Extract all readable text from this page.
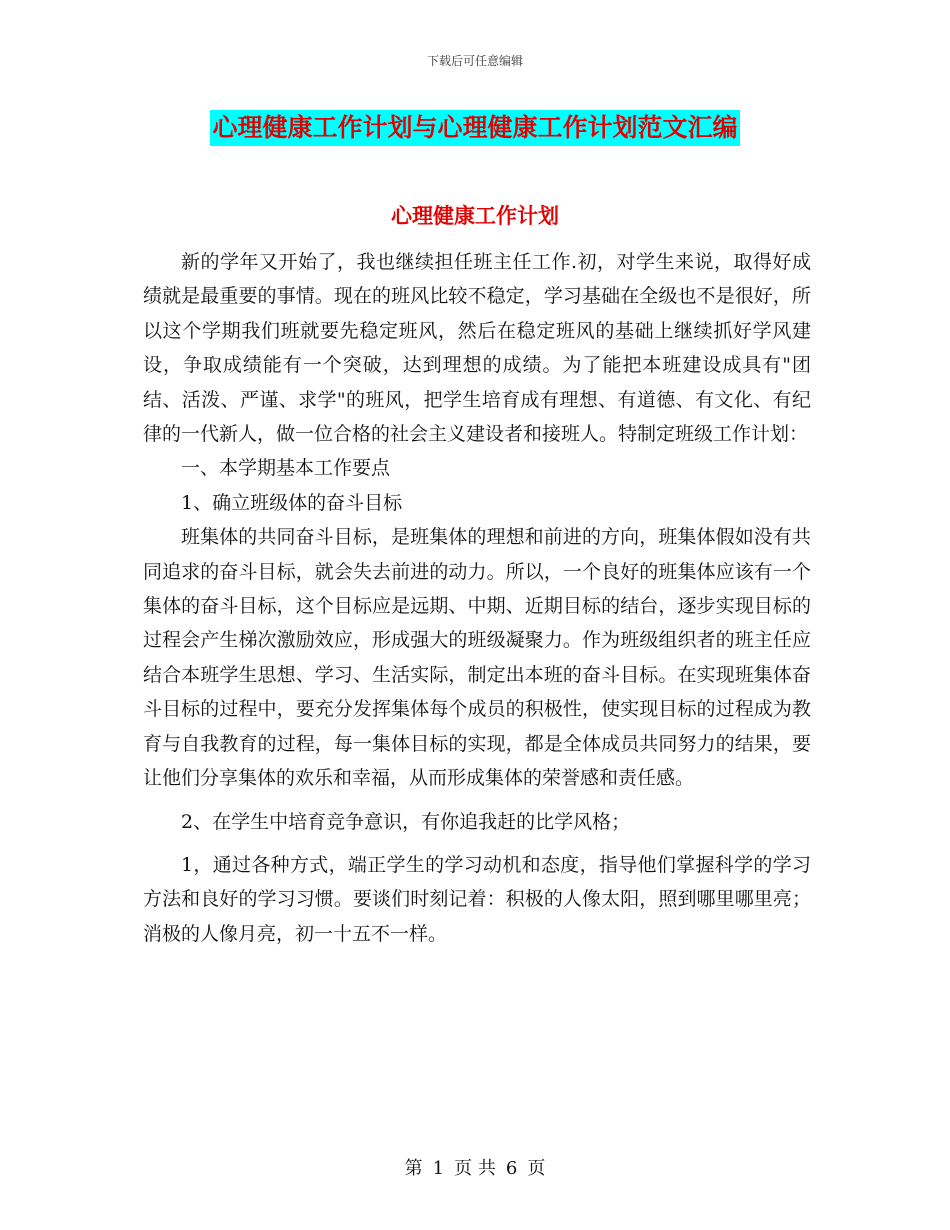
下载后可任意编辑
心理健康工作计划与心理健康工作计划范文汇编
心理健康工作计划

新的学年又开始了，我也继续担任班主任工作.初，对学生来说，取得好成绩就是最重要的事情。现在的班风比较不稳定，学习基础在全级也不是很好，所以这个学期我们班就要先稳定班风，然后在稳定班风的基础上继续抓好学风建设，争取成绩能有一个突破，达到理想的成绩。为了能把本班建设成具有"团结、活泼、严谨、求学"的班风，把学生培育成有理想、有道德、有文化、有纪律的一代新人，做一位合格的社会主义建设者和接班人。特制定班级工作计划：

一、本学期基本工作要点

1、确立班级体的奋斗目标

班集体的共同奋斗目标，是班集体的理想和前进的方向，班集体假如没有共同追求的奋斗目标，就会失去前进的动力。所以，一个良好的班集体应该有一个集体的奋斗目标，这个目标应是远期、中期、近期目标的结台，逐步实现目标的过程会产生梯次激励效应，形成强大的班级凝聚力。作为班级组织者的班主任应结合本班学生思想、学习、生活实际，制定出本班的奋斗目标。在实现班集体奋斗目标的过程中，要充分发挥集体每个成员的积极性，使实现目标的过程成为教育与自我教育的过程，每一集体目标的实现，都是全体成员共同努力的结果，要让他们分享集体的欢乐和幸福，从而形成集体的荣誉感和责任感。

2、在学生中培育竞争意识，有你追我赶的比学风格；

1，通过各种方式，端正学生的学习动机和态度，指导他们掌握科学的学习方法和良好的学习习惯。要谈们时刻记着：积极的人像太阳，照到哪里哪里亮；消极的人像月亮，初一十五不一样。

第 1 页 共 6 页
